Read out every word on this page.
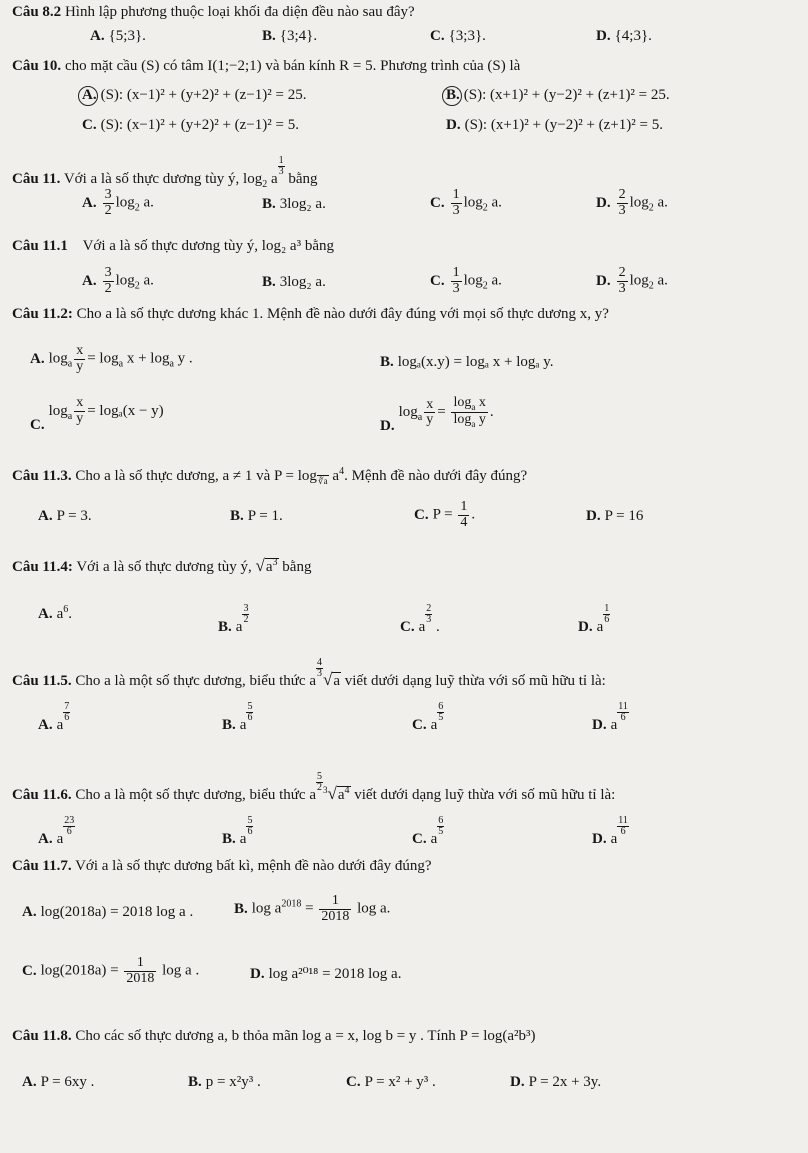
Câu 8.2 Hình lập phương thuộc loại khối đa diện đều nào sau đây?
A. {5;3}.	B. {3;4}.	C. {3;3}.	D. {4;3}.
Câu 10. cho mặt cầu (S) có tâm I(1;−2;1) và bán kính R = 5. Phương trình của (S) là
A. (S): (x−1)² + (y+2)² + (z−1)² = 25.	B. (S): (x+1)² + (y−2)² + (z+1)² = 25.
C. (S): (x−1)² + (y+2)² + (z−1)² = 5.	D. (S): (x+1)² + (y−2)² + (z+1)² = 5.
Câu 11. Với a là số thực dương tùy ý, $\log_2 a$
$^{\frac{1}{3}}$
bằng
A. $\frac{3}{2} \log_2 a$.	B. 3log₂ a.	C. $\frac{1}{3} \log_2 a$.	D. $\frac{2}{3} \log_2 a$.
Câu 11.1 Với a là số thực dương tùy ý, log₂ a³ bằng
A. $\frac{3}{2} \log_2 a$.	B. 3log₂ a.	C. $\frac{1}{3} \log_2 a$.	D. $\frac{2}{3} \log_2 a$.
Câu 11.2: Cho a là số thực dương khác 1. Mệnh đề nào dưới đây đúng với mọi số thực dương x, y?
A. $\log_a \frac{x}{y} = \log_a x + \log_a y$ .	B. logₐ(x.y) = logₐ x + logₐ y.
$C.\log_a \frac{x}{y} = \log_a(x - y)$
$D.\log_a \frac{x}{y} = \frac{\log_a x}{\log_a y}$ .
Câu 11.3. Cho a là số thực dương, a ≠ 1 và $P = \log_{∛a} a^4$. Mệnh đề nào dưới đây đúng?
A. P = 3.	B. P = 1.	C. $P = \frac{1}{4}$ .	D. P = 16
Câu 11.4: Với a là số thực dương tùy ý, $√a^3$ bằng
A. $a^6$.
B. a
$^{\frac{3}{2}}$
C. a
$^{\frac{2}{3}}$
.	D. a
$^{\frac{1}{6}}$
Câu 11.5. Cho a là một số thực dương, biểu thức a
$^{\frac{4}{3}}$
√a viết dưới dạng luỹ thừa với số mũ hữu tỉ là:
A. a
$^{\frac{7}{6}}$
B. a
$^{\frac{5}{6}}$
C. a
$^{\frac{6}{5}}$
D. a
$^{\frac{11}{6}}$
Câu 11.6. Cho a là một số thực dương, biểu thức a
$^{\frac{5}{2}}$ $^3√a^4$ viết dưới dạng luỹ thừa với số mũ hữu tỉ là:
A. a
$^{\frac{23}{6}}$
B. a
$^{\frac{5}{6}}$
C. a
$^{\frac{6}{5}}$
D. a
$^{\frac{11}{6}}$
Câu 11.7. Với a là số thực dương bất kì, mệnh đề nào dưới đây đúng?
A. log(2018a) = 2018 log a .	B. $\log a^{2018} = \frac{1}{2018}$ log a.
C. $\log(2018a) = \frac{1}{2018}$ log a .	D. log a²⁰¹⁸ = 2018 log a.
Câu 11.8. Cho các số thực dương a, b thỏa mãn log a = x, log b = y . Tính P = log(a²b³)
A. P = 6xy .	B. p = x²y³ .	C. P = x² + y³ .	D. P = 2x + 3y.
